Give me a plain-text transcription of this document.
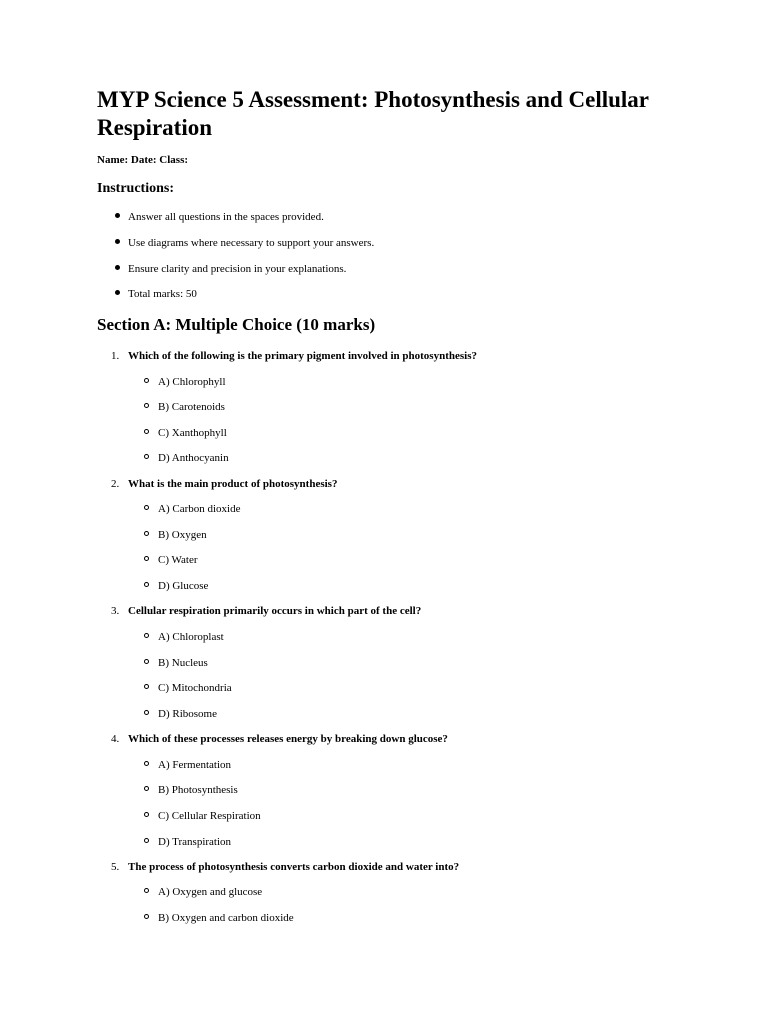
MYP Science 5 Assessment: Photosynthesis and Cellular Respiration

Name: Date: Class:

Instructions:
Answer all questions in the spaces provided.
Use diagrams where necessary to support your answers.
Ensure clarity and precision in your explanations.
Total marks: 50
Section A: Multiple Choice (10 marks)
1. Which of the following is the primary pigment involved in photosynthesis?
A) Chlorophyll
B) Carotenoids
C) Xanthophyll
D) Anthocyanin
2. What is the main product of photosynthesis?
A) Carbon dioxide
B) Oxygen
C) Water
D) Glucose
3. Cellular respiration primarily occurs in which part of the cell?
A) Chloroplast
B) Nucleus
C) Mitochondria
D) Ribosome
4. Which of these processes releases energy by breaking down glucose?
A) Fermentation
B) Photosynthesis
C) Cellular Respiration
D) Transpiration
5. The process of photosynthesis converts carbon dioxide and water into?
A) Oxygen and glucose
B) Oxygen and carbon dioxide
